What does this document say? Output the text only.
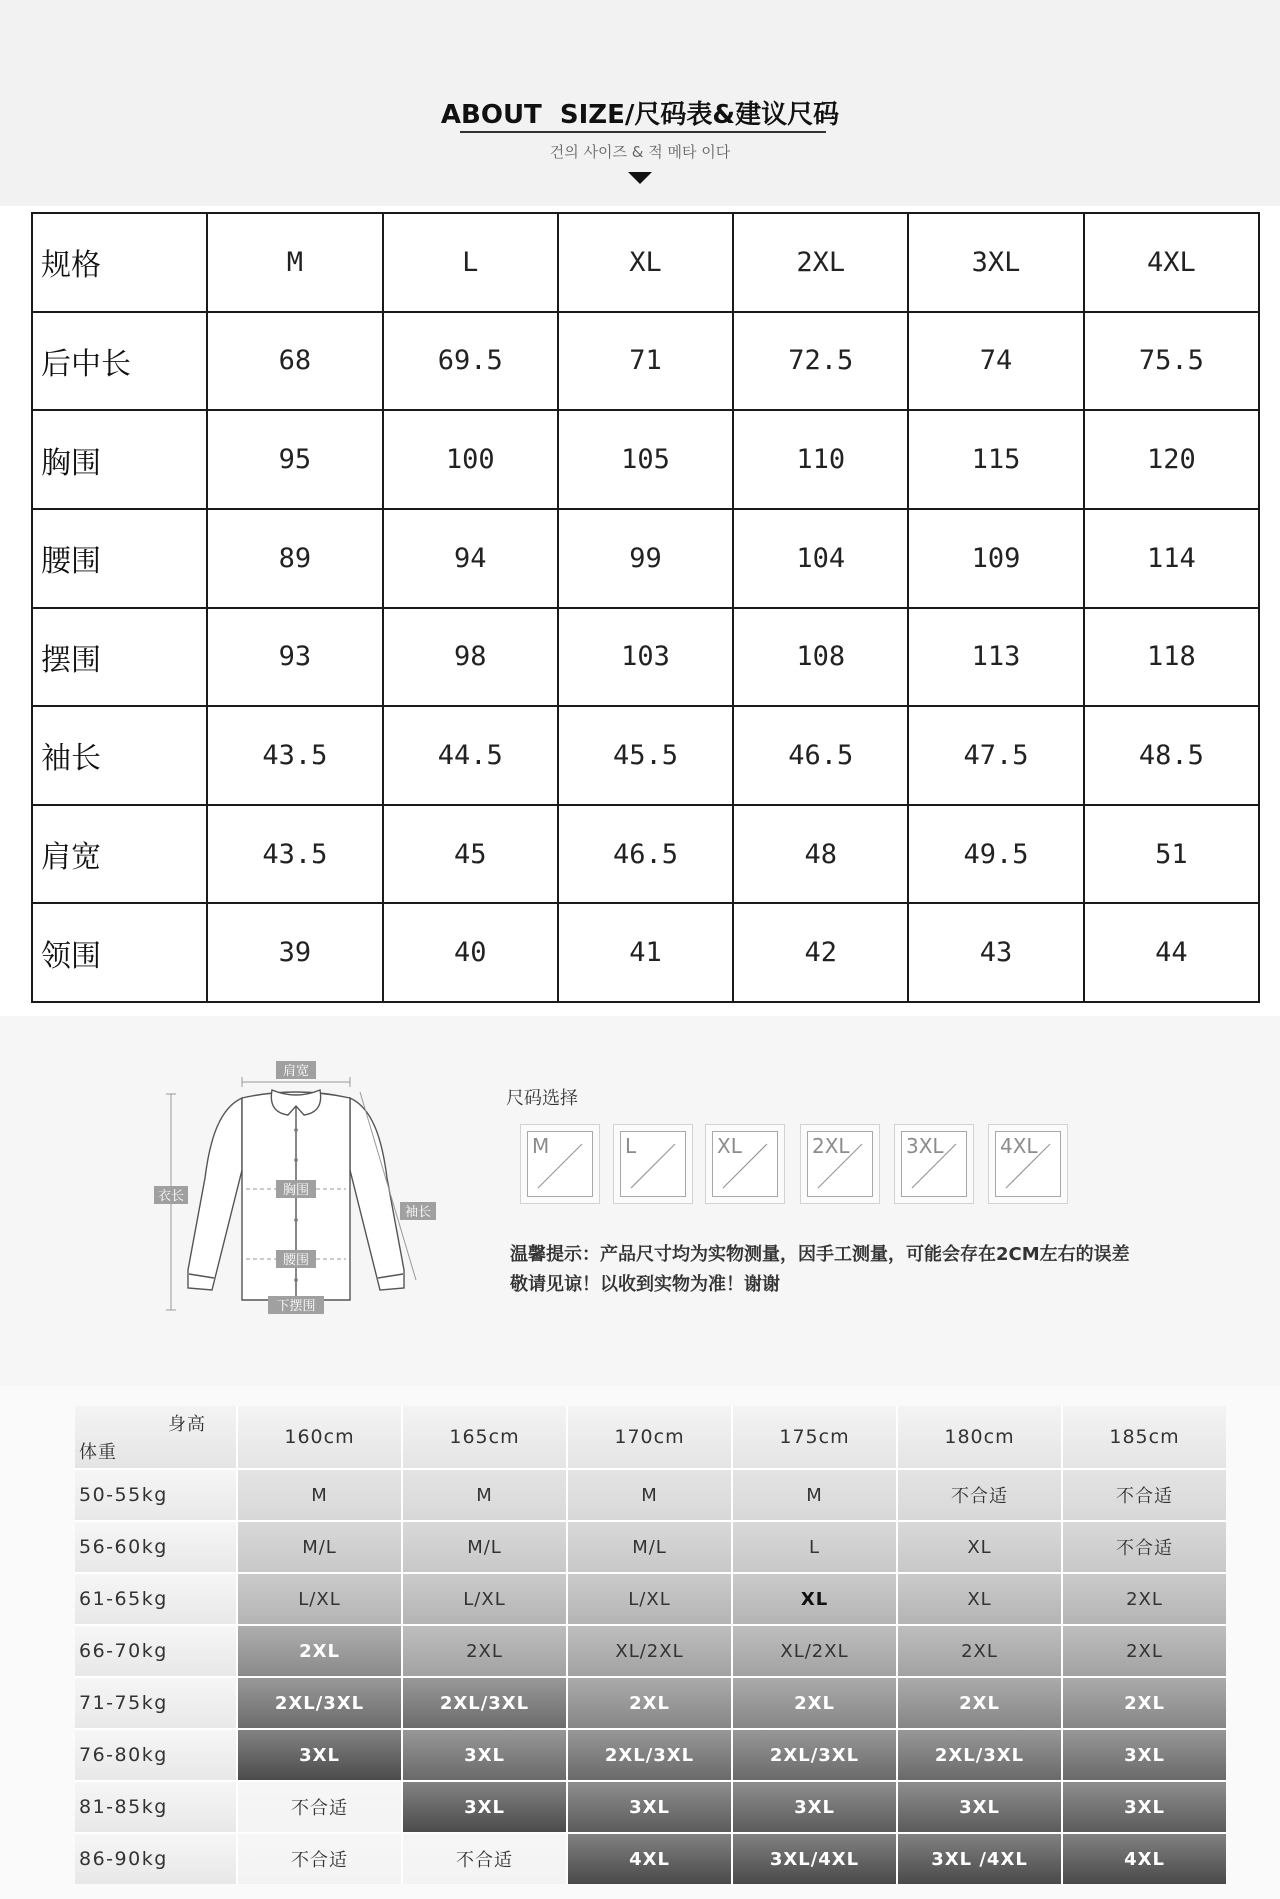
ABOUT  SIZE/尺码表&建议尺码
건의 사이즈 & 적 메타 이다
规格	M	L	XL	2XL	3XL	4XL
后中长	68	69.5	71	72.5	74	75.5
胸围	95	100	105	110	115	120
腰围	89	94	99	104	109	114
摆围	93	98	103	108	113	118
袖长	43.5	44.5	45.5	46.5	47.5	48.5
肩宽	43.5	45	46.5	48	49.5	51
领围	39	40	41	42	43	44
肩宽
衣长
袖长
胸围
腰围
下摆围
尺码选择
M	L	XL	2XL	3XL	4XL
温馨提示：产品尺寸均为实物测量，因手工测量，可能会存在2CM左右的误差
敬请见谅！以收到实物为准！谢谢
身高
体重
160cm	165cm	170cm	175cm	180cm	185cm
50-55kg	M	M	M	M	不合适	不合适
56-60kg	M/L	M/L	M/L	L	XL	不合适
61-65kg	L/XL	L/XL	L/XL	XL	XL	2XL
66-70kg	2XL	2XL	XL/2XL	XL/2XL	2XL	2XL
71-75kg	2XL/3XL	2XL/3XL	2XL	2XL	2XL	2XL
76-80kg	3XL	3XL	2XL/3XL	2XL/3XL	2XL/3XL	3XL
81-85kg	不合适	3XL	3XL	3XL	3XL	3XL
86-90kg	不合适	不合适	4XL	3XL/4XL	3XL /4XL	4XL
